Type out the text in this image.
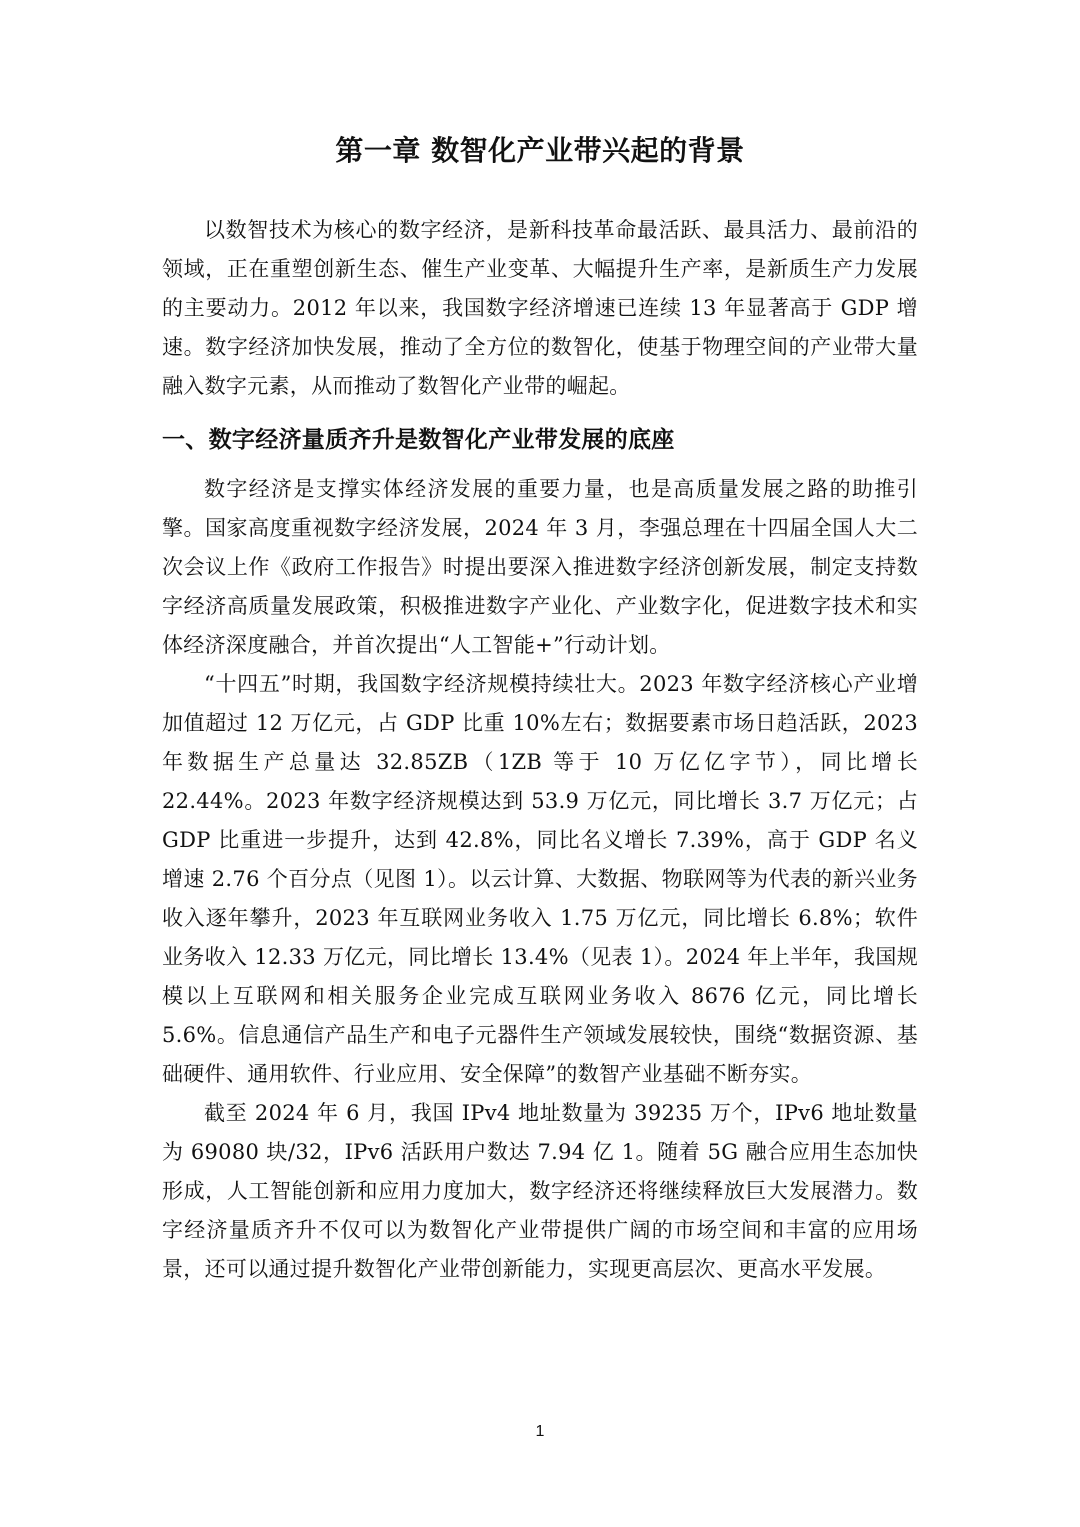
第一章 数智化产业带兴起的背景

以数智技术为核心的数字经济，是新科技革命最活跃、最具活力、最前沿的领域，正在重塑创新生态、催生产业变革、大幅提升生产率，是新质生产力发展的主要动力。2012 年以来，我国数字经济增速已连续 13 年显著高于 GDP 增速。数字经济加快发展，推动了全方位的数智化，使基于物理空间的产业带大量融入数字元素，从而推动了数智化产业带的崛起。

一、数字经济量质齐升是数智化产业带发展的底座

数字经济是支撑实体经济发展的重要力量，也是高质量发展之路的助推引擎。国家高度重视数字经济发展，2024 年 3 月，李强总理在十四届全国人大二次会议上作《政府工作报告》时提出要深入推进数字经济创新发展，制定支持数字经济高质量发展政策，积极推进数字产业化、产业数字化，促进数字技术和实体经济深度融合，并首次提出“人工智能+”行动计划。

“十四五”时期，我国数字经济规模持续壮大。2023 年数字经济核心产业增加值超过 12 万亿元，占 GDP 比重 10%左右；数据要素市场日趋活跃，2023 年数据生产总量达 32.85ZB（1ZB 等于 10 万亿亿字节），同比增长 22.44%。2023 年数字经济规模达到 53.9 万亿元，同比增长 3.7 万亿元；占 GDP 比重进一步提升，达到 42.8%，同比名义增长 7.39%，高于 GDP 名义增速 2.76 个百分点（见图 1）。以云计算、大数据、物联网等为代表的新兴业务收入逐年攀升，2023 年互联网业务收入 1.75 万亿元，同比增长 6.8%；软件业务收入 12.33 万亿元，同比增长 13.4%（见表 1）。2024 年上半年，我国规模以上互联网和相关服务企业完成互联网业务收入 8676 亿元，同比增长 5.6%。信息通信产品生产和电子元器件生产领域发展较快，围绕“数据资源、基础硬件、通用软件、行业应用、安全保障”的数智产业基础不断夯实。

截至 2024 年 6 月，我国 IPv4 地址数量为 39235 万个，IPv6 地址数量为 69080 块/32，IPv6 活跃用户数达 7.94 亿 1。随着 5G 融合应用生态加快形成，人工智能创新和应用力度加大，数字经济还将继续释放巨大发展潜力。数字经济量质齐升不仅可以为数智化产业带提供广阔的市场空间和丰富的应用场景，还可以通过提升数智化产业带创新能力，实现更高层次、更高水平发展。

1
